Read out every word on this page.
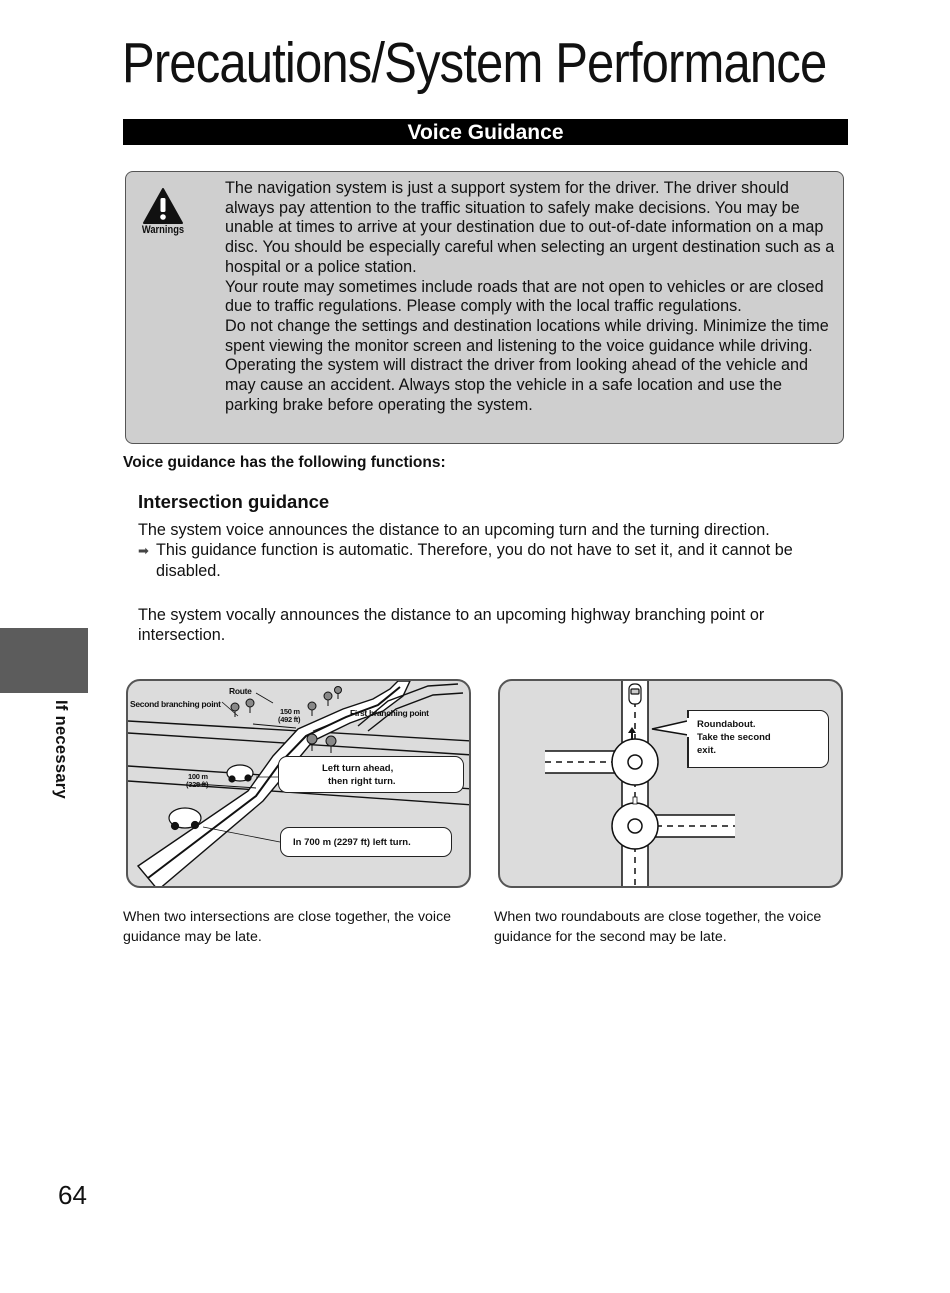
Precautions/System Performance
Voice Guidance
Warnings

The navigation system is just a support system for the driver. The driver should always pay attention to the traffic situation to safely make decisions. You may be unable at times to arrive at your destination due to out-of-date information on a map disc. You should be especially careful when selecting an urgent destination such as a hospital or a police station.

Your route may sometimes include roads that are not open to vehicles or are closed due to traffic regulations. Please comply with the local traffic regulations.

Do not change the settings and destination locations while driving. Minimize the time spent viewing the monitor screen and listening to the voice guidance while driving. Operating the system will distract the driver from looking ahead of the vehicle and may cause an accident. Always stop the vehicle in a safe location and use the parking brake before operating the system.

Voice guidance has the following functions:
Intersection guidance
The system voice announces the distance to an upcoming turn and the turning direction.
➡ This guidance function is automatic. Therefore, you do not have to set it, and it cannot be
disabled.
The system vocally announces the distance to an upcoming highway branching point or intersection.
If necessary
Route
Second branching point
First branching point
150 m
(492 ft)
100 m
(328 ft)
Left turn ahead,
then right turn.
In 700 m (2297 ft) left turn.
Roundabout.
Take the second
exit.
When two intersections are close together, the voice guidance may be late.
When two roundabouts are close together, the voice guidance for the second may be late.
64
